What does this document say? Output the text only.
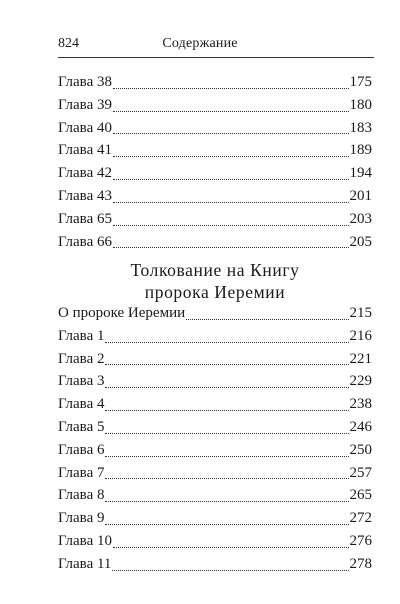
824	Содержание
Глава 38	175
Глава 39	180
Глава 40	183
Глава 41	189
Глава 42	194
Глава 43	201
Глава 65	203
Глава 66	205
Толкование на Книгу
пророка Иеремии
О пророке Иеремии	215
Глава 1	216
Глава 2	221
Глава 3	229
Глава 4	238
Глава 5	246
Глава 6	250
Глава 7	257
Глава 8	265
Глава 9	272
Глава 10	276
Глава 11	278
